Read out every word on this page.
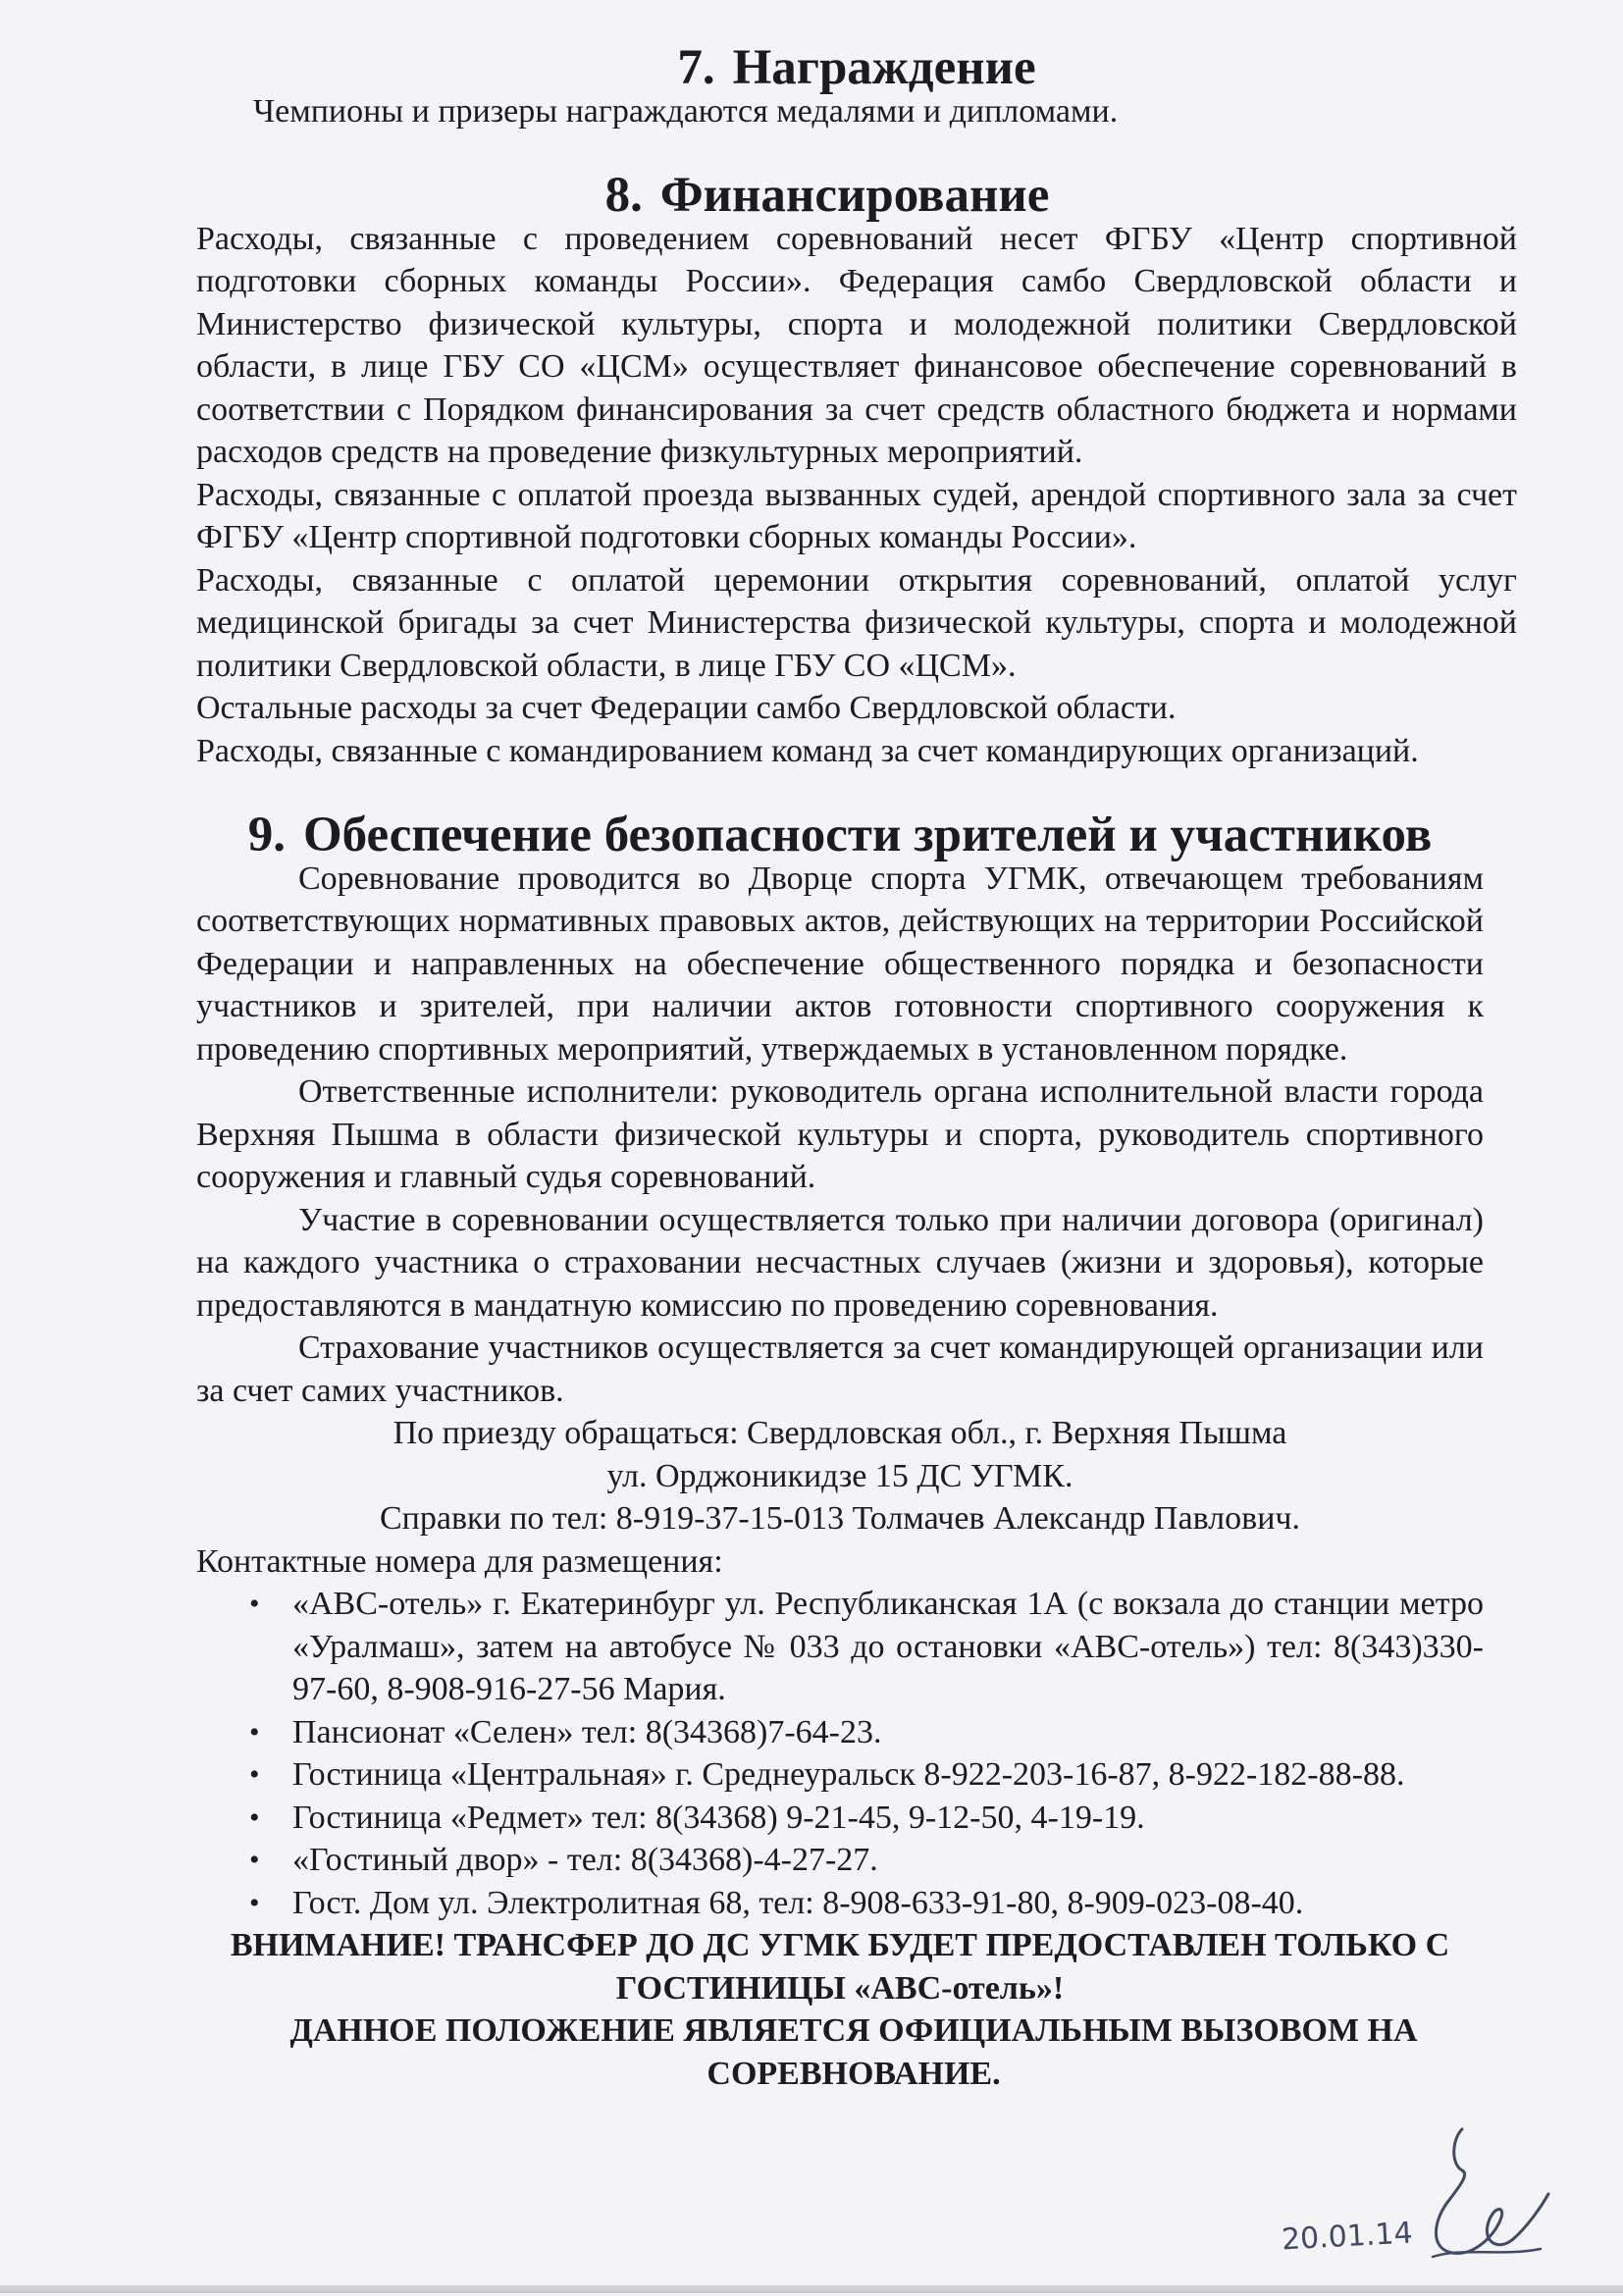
7. Награждение

Чемпионы и призеры награждаются медалями и дипломами.

8. Финансирование

Расходы, связанные с проведением соревнований несет ФГБУ «Центр спортивной подготовки сборных команды России». Федерация самбо Свердловской области и Министерство физической культуры, спорта и молодежной политики Свердловской области, в лице ГБУ СО «ЦСМ» осуществляет финансовое обеспечение соревнований в соответствии с Порядком финансирования за счет средств областного бюджета и нормами расходов средств на проведение физкультурных мероприятий.

Расходы, связанные с оплатой проезда вызванных судей, арендой спортивного зала за счет ФГБУ «Центр спортивной подготовки сборных команды России».

Расходы, связанные с оплатой церемонии открытия соревнований, оплатой услуг медицинской бригады за счет Министерства физической культуры, спорта и молодежной политики Свердловской области, в лице ГБУ СО «ЦСМ».

Остальные расходы за счет Федерации самбо Свердловской области.

Расходы, связанные с командированием команд за счет командирующих организаций.

9. Обеспечение безопасности зрителей и участников

Соревнование проводится во Дворце спорта УГМК, отвечающем требованиям соответствующих нормативных правовых актов, действующих на территории Российской Федерации и направленных на обеспечение общественного порядка и безопасности участников и зрителей, при наличии актов готовности спортивного сооружения к проведению спортивных мероприятий, утверждаемых в установленном порядке.

Ответственные исполнители: руководитель органа исполнительной власти города Верхняя Пышма в области физической культуры и спорта, руководитель спортивного сооружения и главный судья соревнований.

Участие в соревновании осуществляется только при наличии договора (оригинал) на каждого участника о страховании несчастных случаев (жизни и здоровья), которые предоставляются в мандатную комиссию по проведению соревнования.

Страхование участников осуществляется за счет командирующей организации или за счет самих участников.

По приезду обращаться: Свердловская обл., г. Верхняя Пышма

ул. Орджоникидзе 15 ДС УГМК.

Справки по тел: 8-919-37-15-013 Толмачев Александр Павлович.

Контактные номера для размещения:

• «АВС-отель» г. Екатеринбург ул. Республиканская 1А (с вокзала до станции метро «Уралмаш», затем на автобусе № 033 до остановки «АВС-отель») тел: 8(343)330-97-60, 8-908-916-27-56 Мария.
• Пансионат «Селен» тел: 8(34368)7-64-23.
• Гостиница «Центральная» г. Среднеуральск 8-922-203-16-87, 8-922-182-88-88.
• Гостиница «Редмет» тел: 8(34368) 9-21-45, 9-12-50, 4-19-19.
• «Гостиный двор» - тел: 8(34368)-4-27-27.
• Гост. Дом ул. Электролитная 68, тел: 8-908-633-91-80, 8-909-023-08-40.

ВНИМАНИЕ! ТРАНСФЕР ДО ДС УГМК БУДЕТ ПРЕДОСТАВЛЕН ТОЛЬКО С ГОСТИНИЦЫ «АВС-отель»!

ДАННОЕ ПОЛОЖЕНИЕ ЯВЛЯЕТСЯ ОФИЦИАЛЬНЫМ ВЫЗОВОМ НА СОРЕВНОВАНИЕ.

20.01.14
